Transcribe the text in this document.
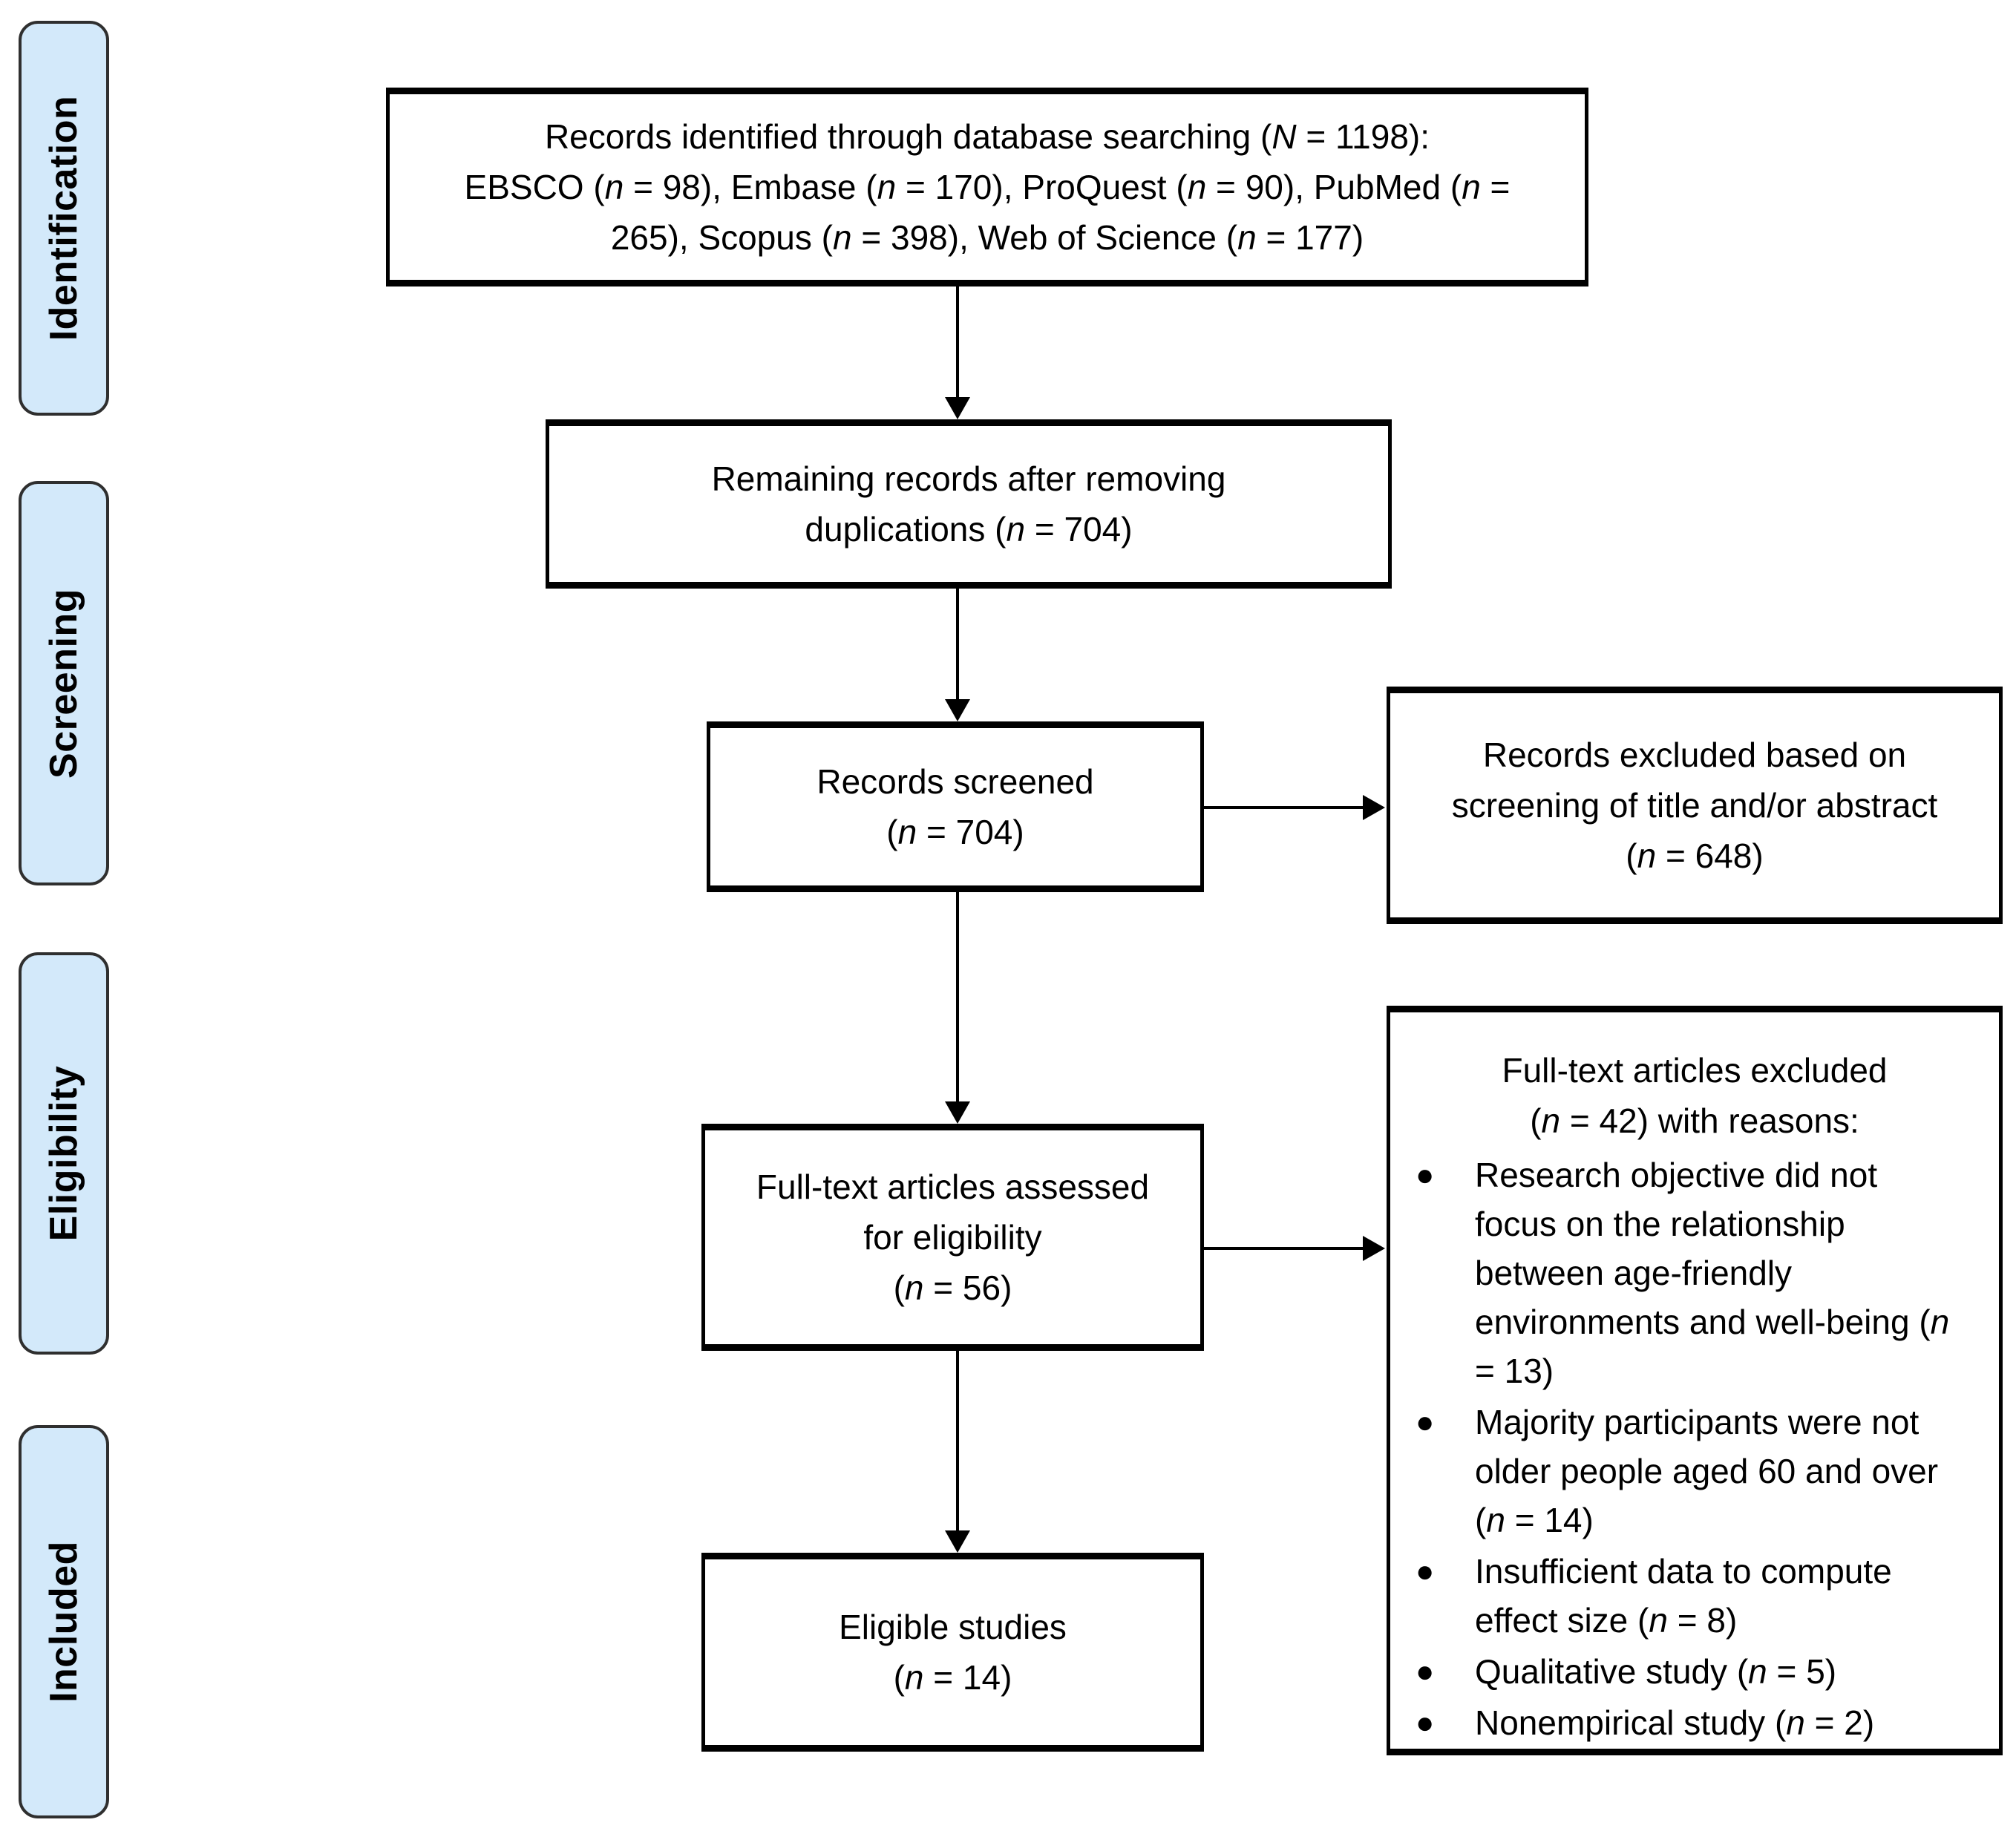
Identification
Screening
Eligibility
Included
Records identified through database searching (N = 1198):
EBSCO (n = 98), Embase (n = 170), ProQuest (n = 90), PubMed (n =
265), Scopus (n = 398), Web of Science (n = 177)
Remaining records after removing
duplications (n = 704)
Records screened
(n = 704)
Records excluded based on
screening of title and/or abstract
(n = 648)
Full-text articles assessed
for eligibility
(n = 56)
Full-text articles excluded
(n = 42) with reasons:
●	Research objective did not focus on the relationship between age-friendly environments and well-being (n = 13)
●	Majority participants were not older people aged 60 and over (n = 14)
●	Insufficient data to compute effect size (n = 8)
●	Qualitative study (n = 5)
●	Nonempirical study (n = 2)
Eligible studies
(n = 14)
